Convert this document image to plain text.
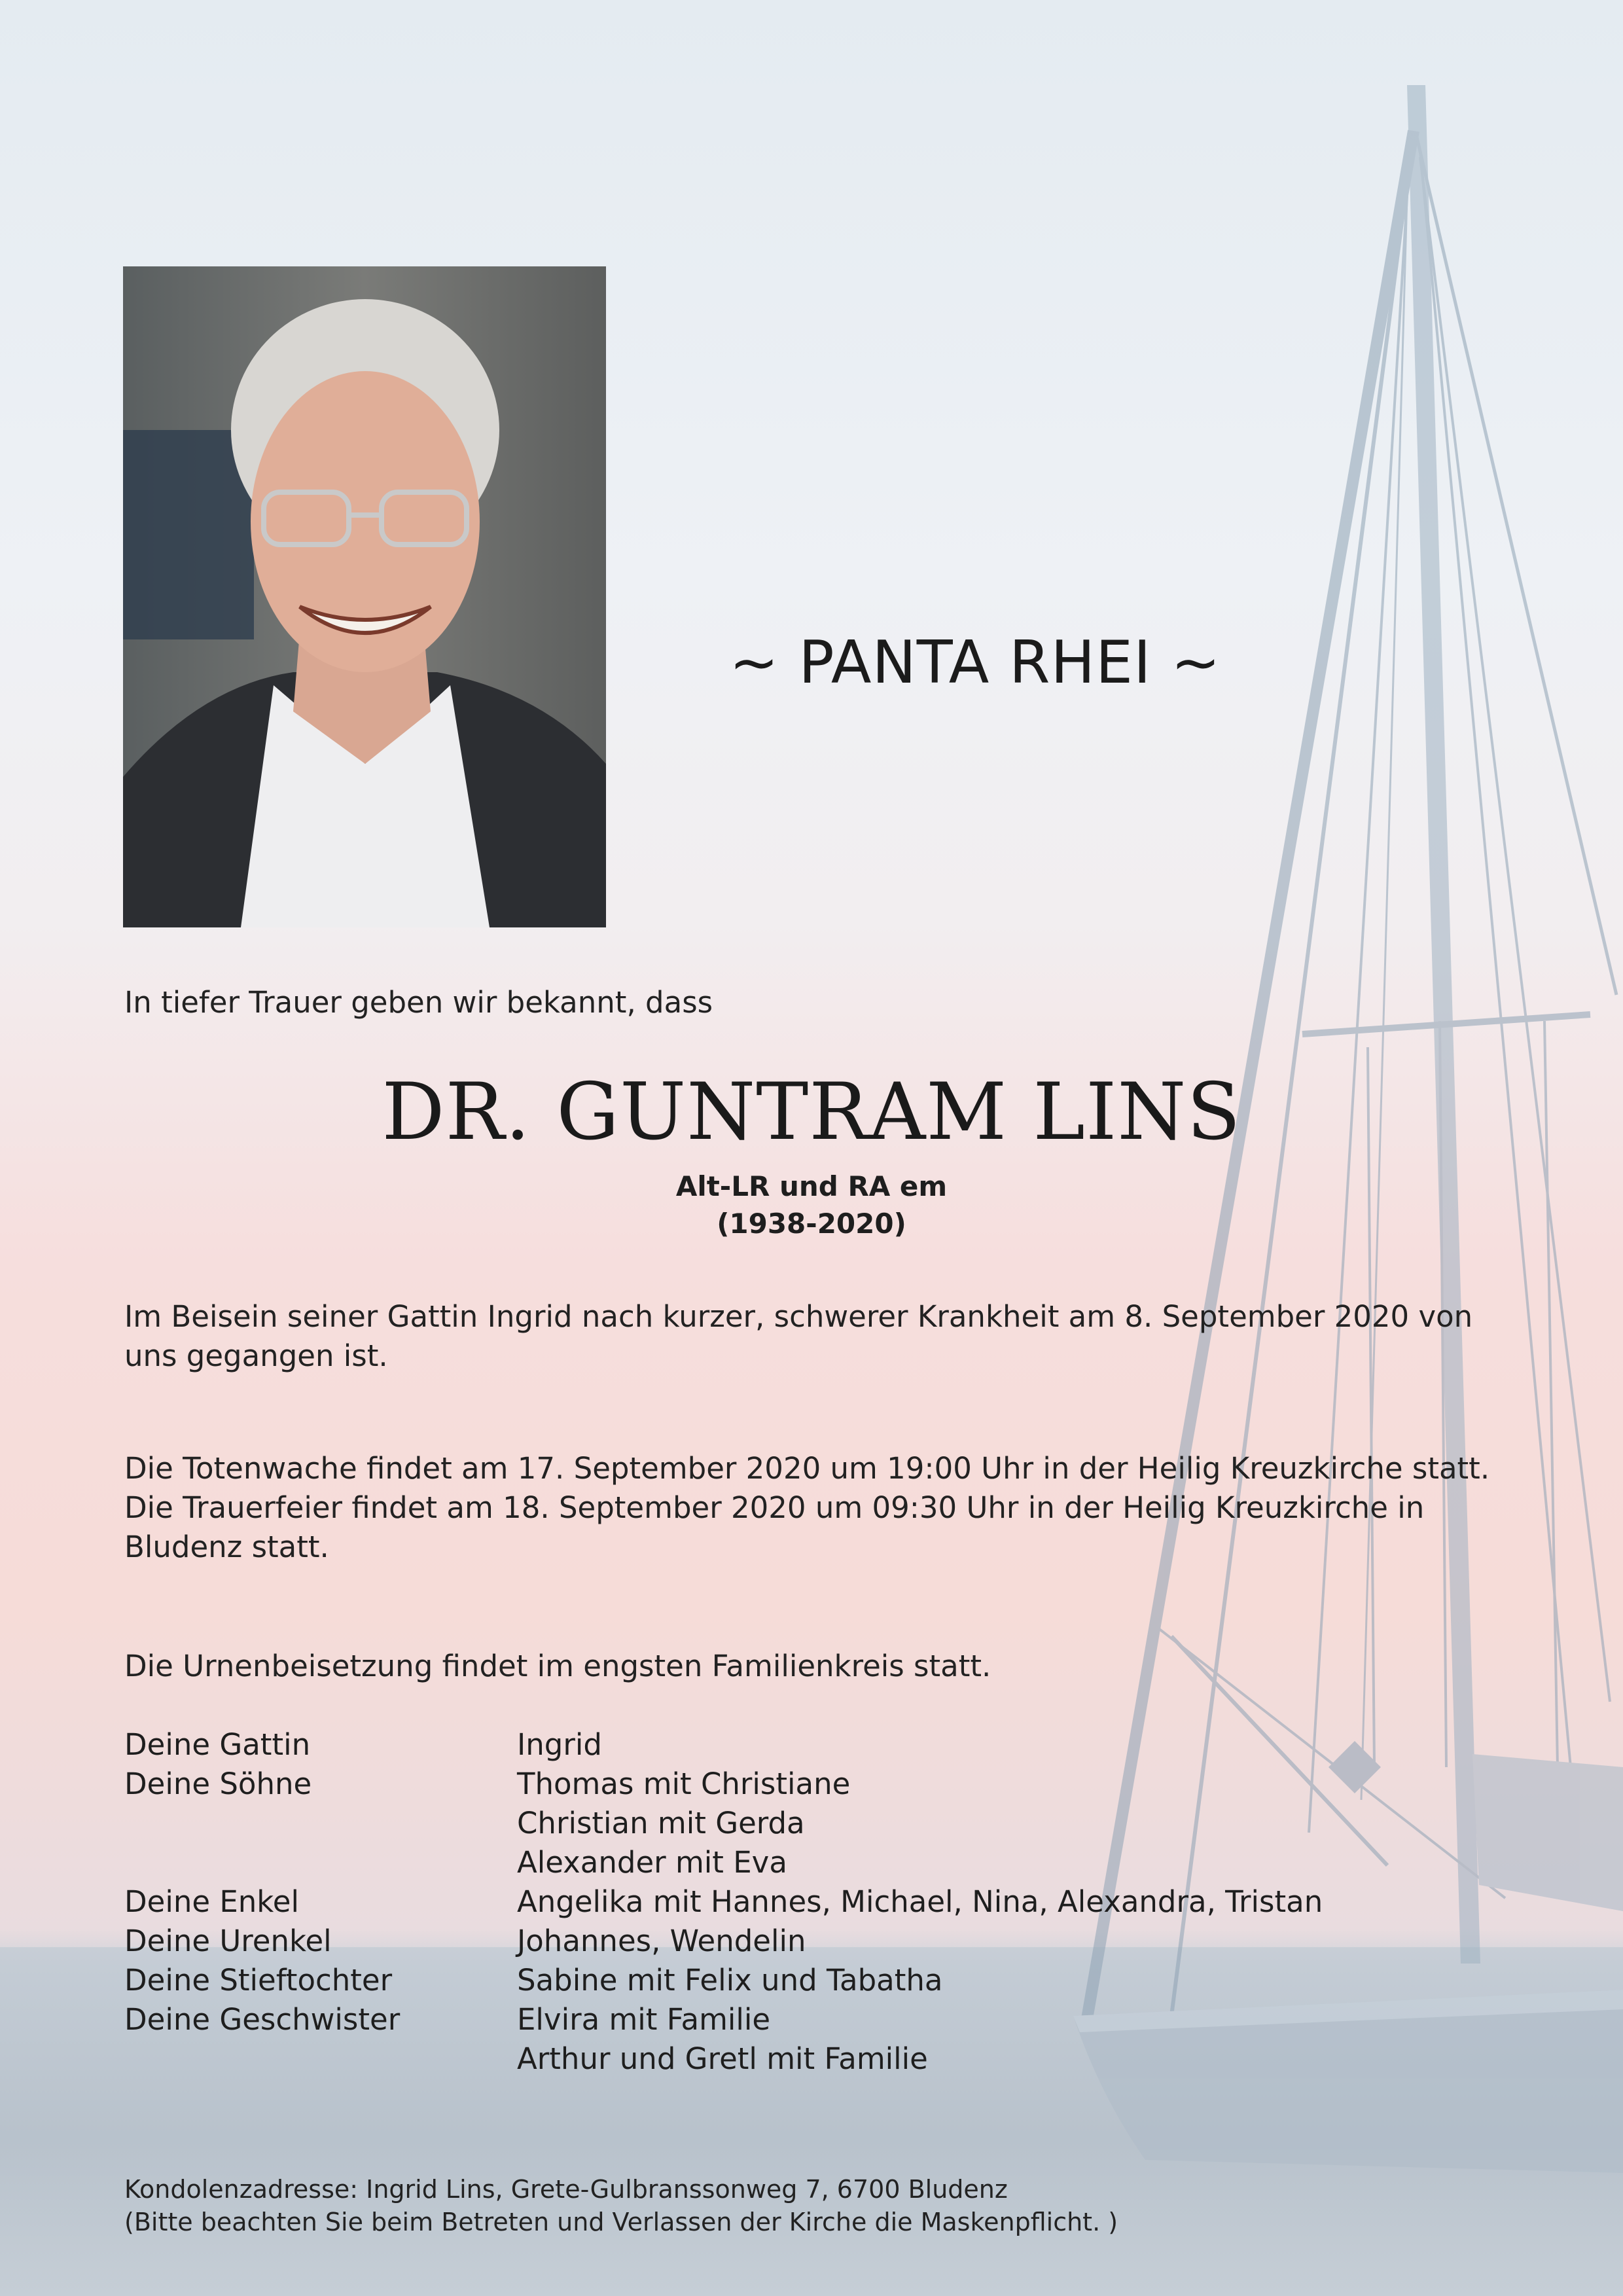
~ PANTA RHEI ~
In tiefer Trauer geben wir bekannt, dass
DR. GUNTRAM LINS
Alt-LR und RA em
(1938-2020)
Im Beisein seiner Gattin Ingrid nach kurzer, schwerer Krankheit am 8. September 2020 von uns gegangen ist.
Die Totenwache findet am 17. September 2020 um 19:00 Uhr in der Heilig Kreuzkirche statt. Die Trauerfeier findet am 18. September 2020 um 09:30 Uhr in der Heilig Kreuzkirche in Bludenz statt.
Die Urnenbeisetzung findet im engsten Familienkreis statt.
Deine Gattin	Ingrid
Deine Söhne	Thomas mit Christiane
Christian mit Gerda
Alexander mit Eva
Deine Enkel	Angelika mit Hannes, Michael, Nina, Alexandra, Tristan
Deine Urenkel	Johannes, Wendelin
Deine Stieftochter	Sabine mit Felix und Tabatha
Deine Geschwister	Elvira mit Familie
Arthur und Gretl mit Familie
Kondolenzadresse: Ingrid Lins, Grete-Gulbranssonweg 7, 6700 Bludenz
(Bitte beachten Sie beim Betreten und Verlassen der Kirche die Maskenpflicht. )
